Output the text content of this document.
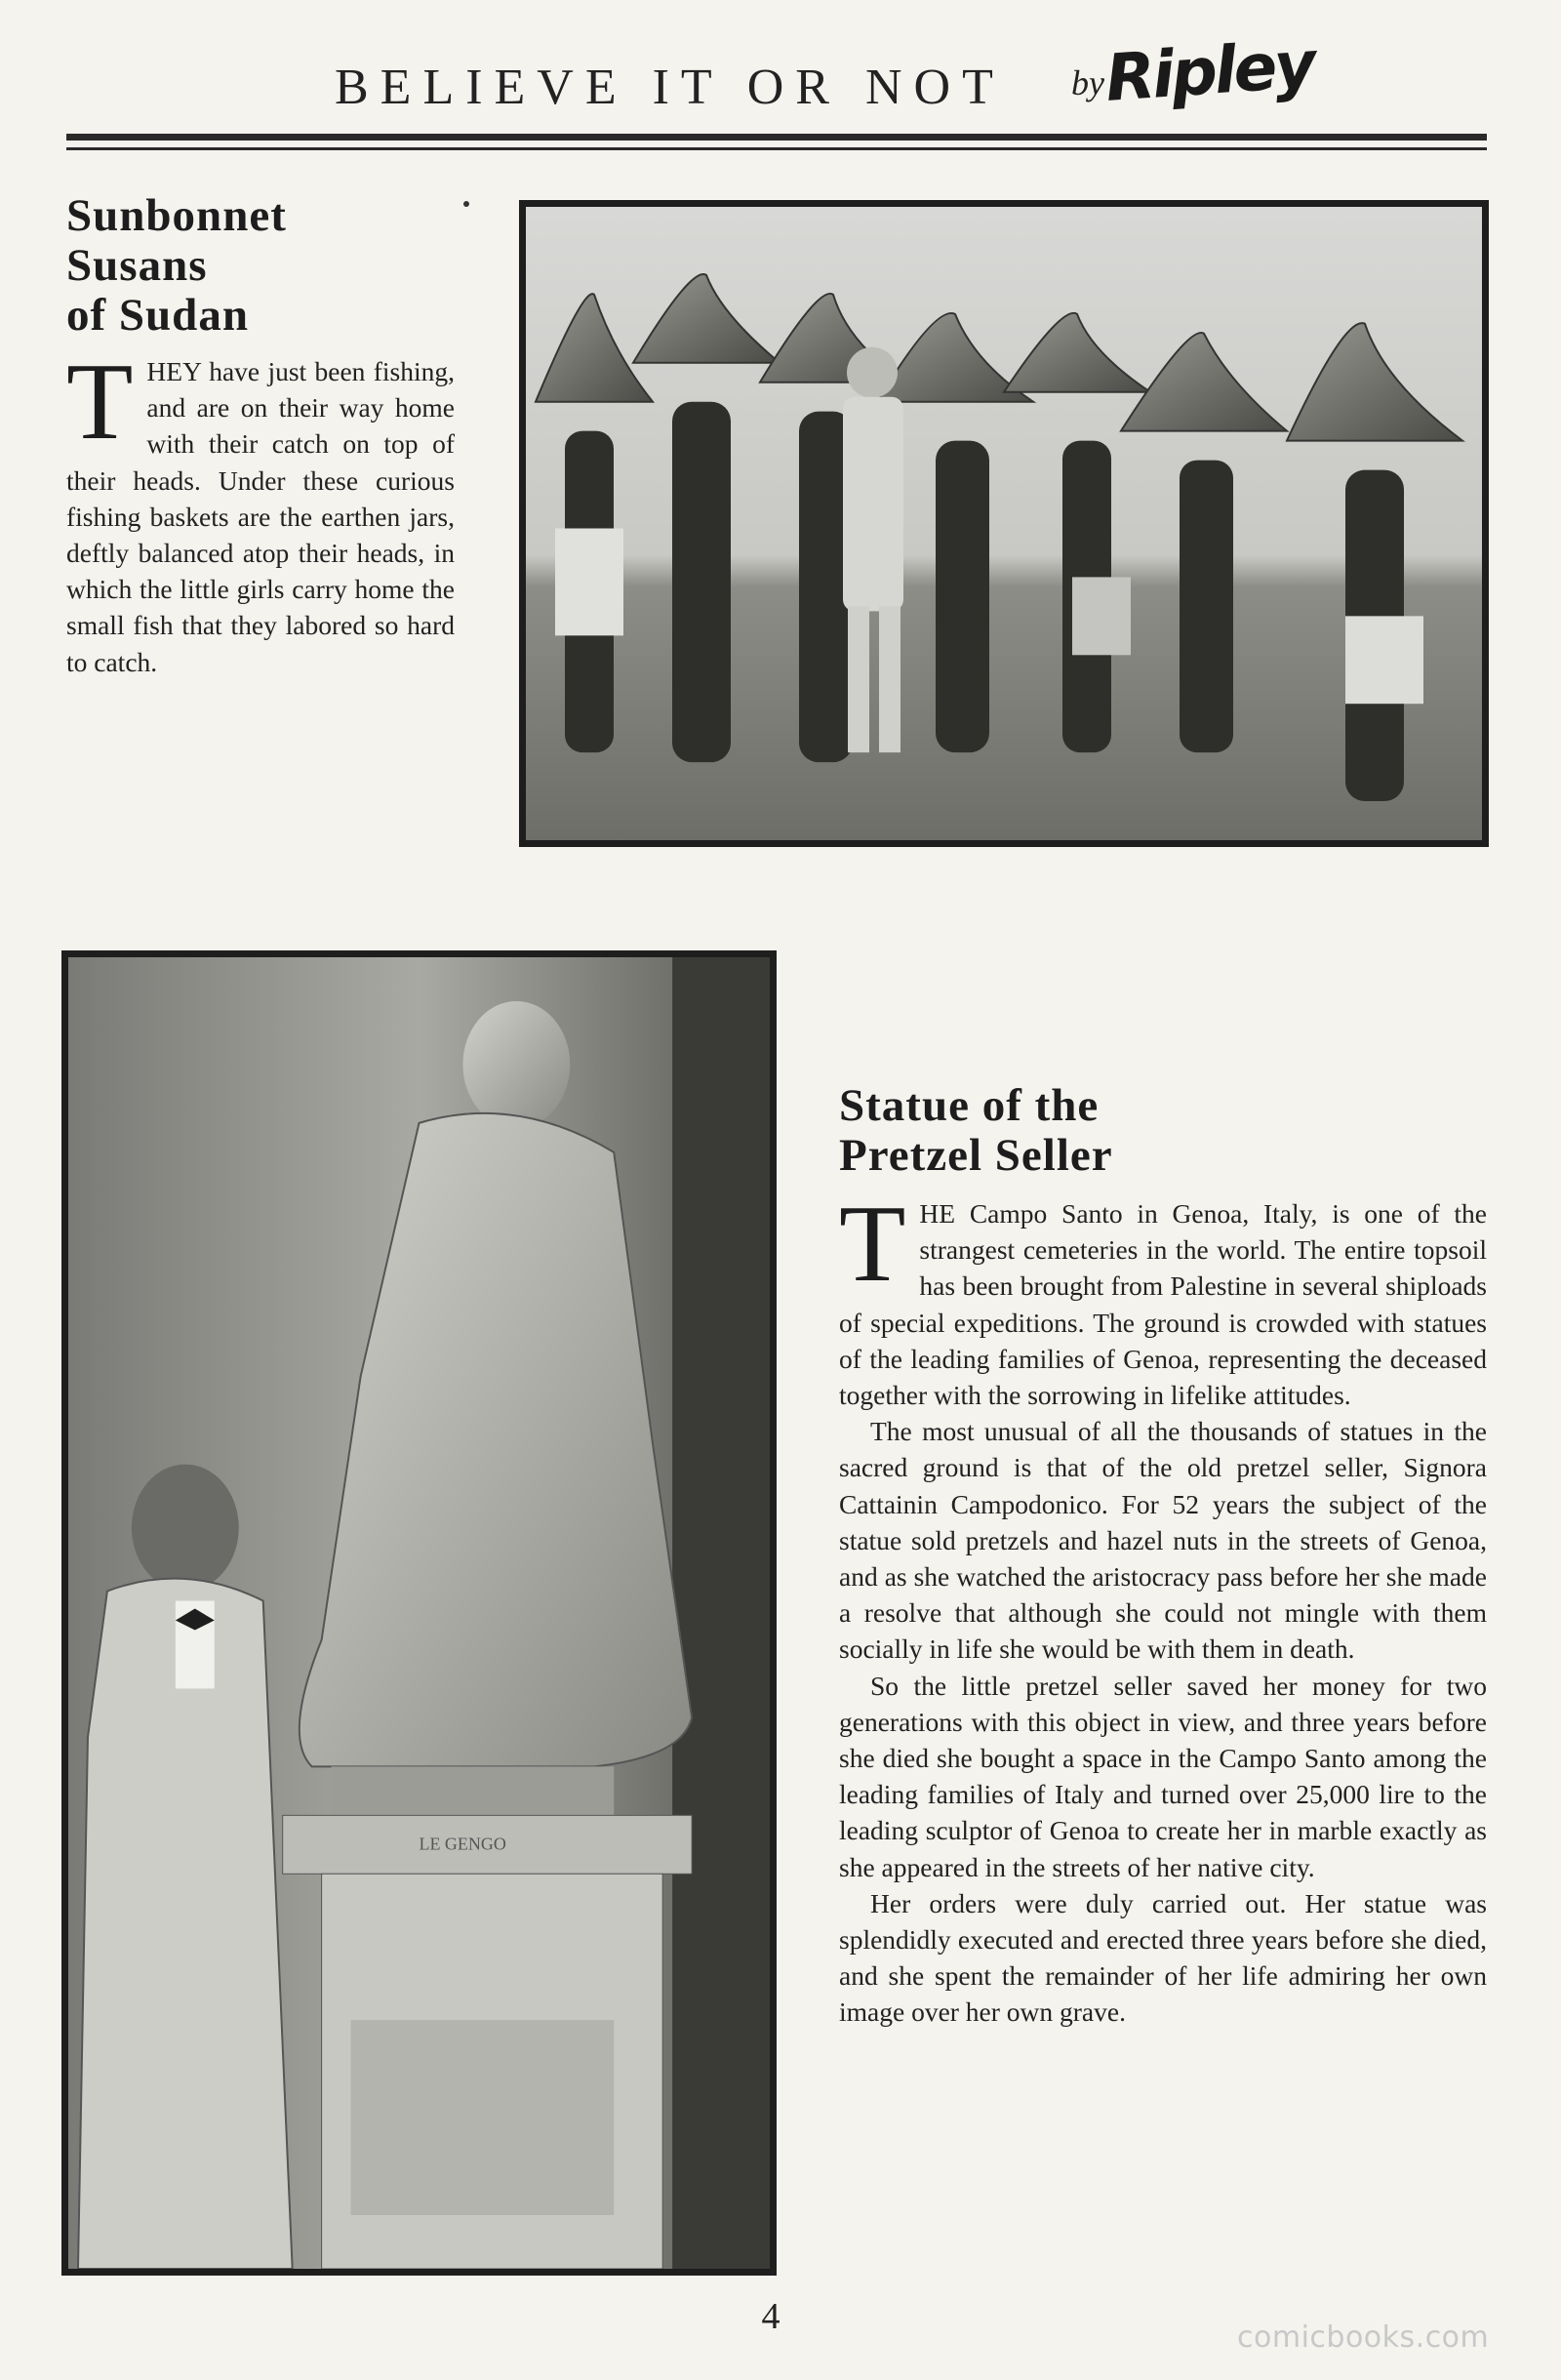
BELIEVE IT OR NOT by
Ripley
Sunbonnet
Susans
of Sudan

THEY have just been fishing, and are on their way home with their catch on top of their heads. Under these curious fishing baskets are the earthen jars, deftly balanced atop their heads, in which the little girls carry home the small fish that they labored so hard to catch.

LE GENGO
Statue of the
Pretzel Seller

THE Campo Santo in Genoa, Italy, is one of the strangest cemeteries in the world. The entire topsoil has been brought from Palestine in several shiploads of special expeditions. The ground is crowded with statues of the leading families of Genoa, representing the deceased together with the sorrowing in lifelike attitudes.

The most unusual of all the thousands of statues in the sacred ground is that of the old pretzel seller, Signora Cattainin Campodonico. For 52 years the subject of the statue sold pretzels and hazel nuts in the streets of Genoa, and as she watched the aristocracy pass before her she made a resolve that although she could not mingle with them socially in life she would be with them in death.

So the little pretzel seller saved her money for two generations with this object in view, and three years before she died she bought a space in the Campo Santo among the leading families of Italy and turned over 25,000 lire to the leading sculptor of Genoa to create her in marble exactly as she appeared in the streets of her native city.

Her orders were duly carried out. Her statue was splendidly executed and erected three years before she died, and she spent the remainder of her life admiring her own image over her own grave.

4
comicbooks.com
